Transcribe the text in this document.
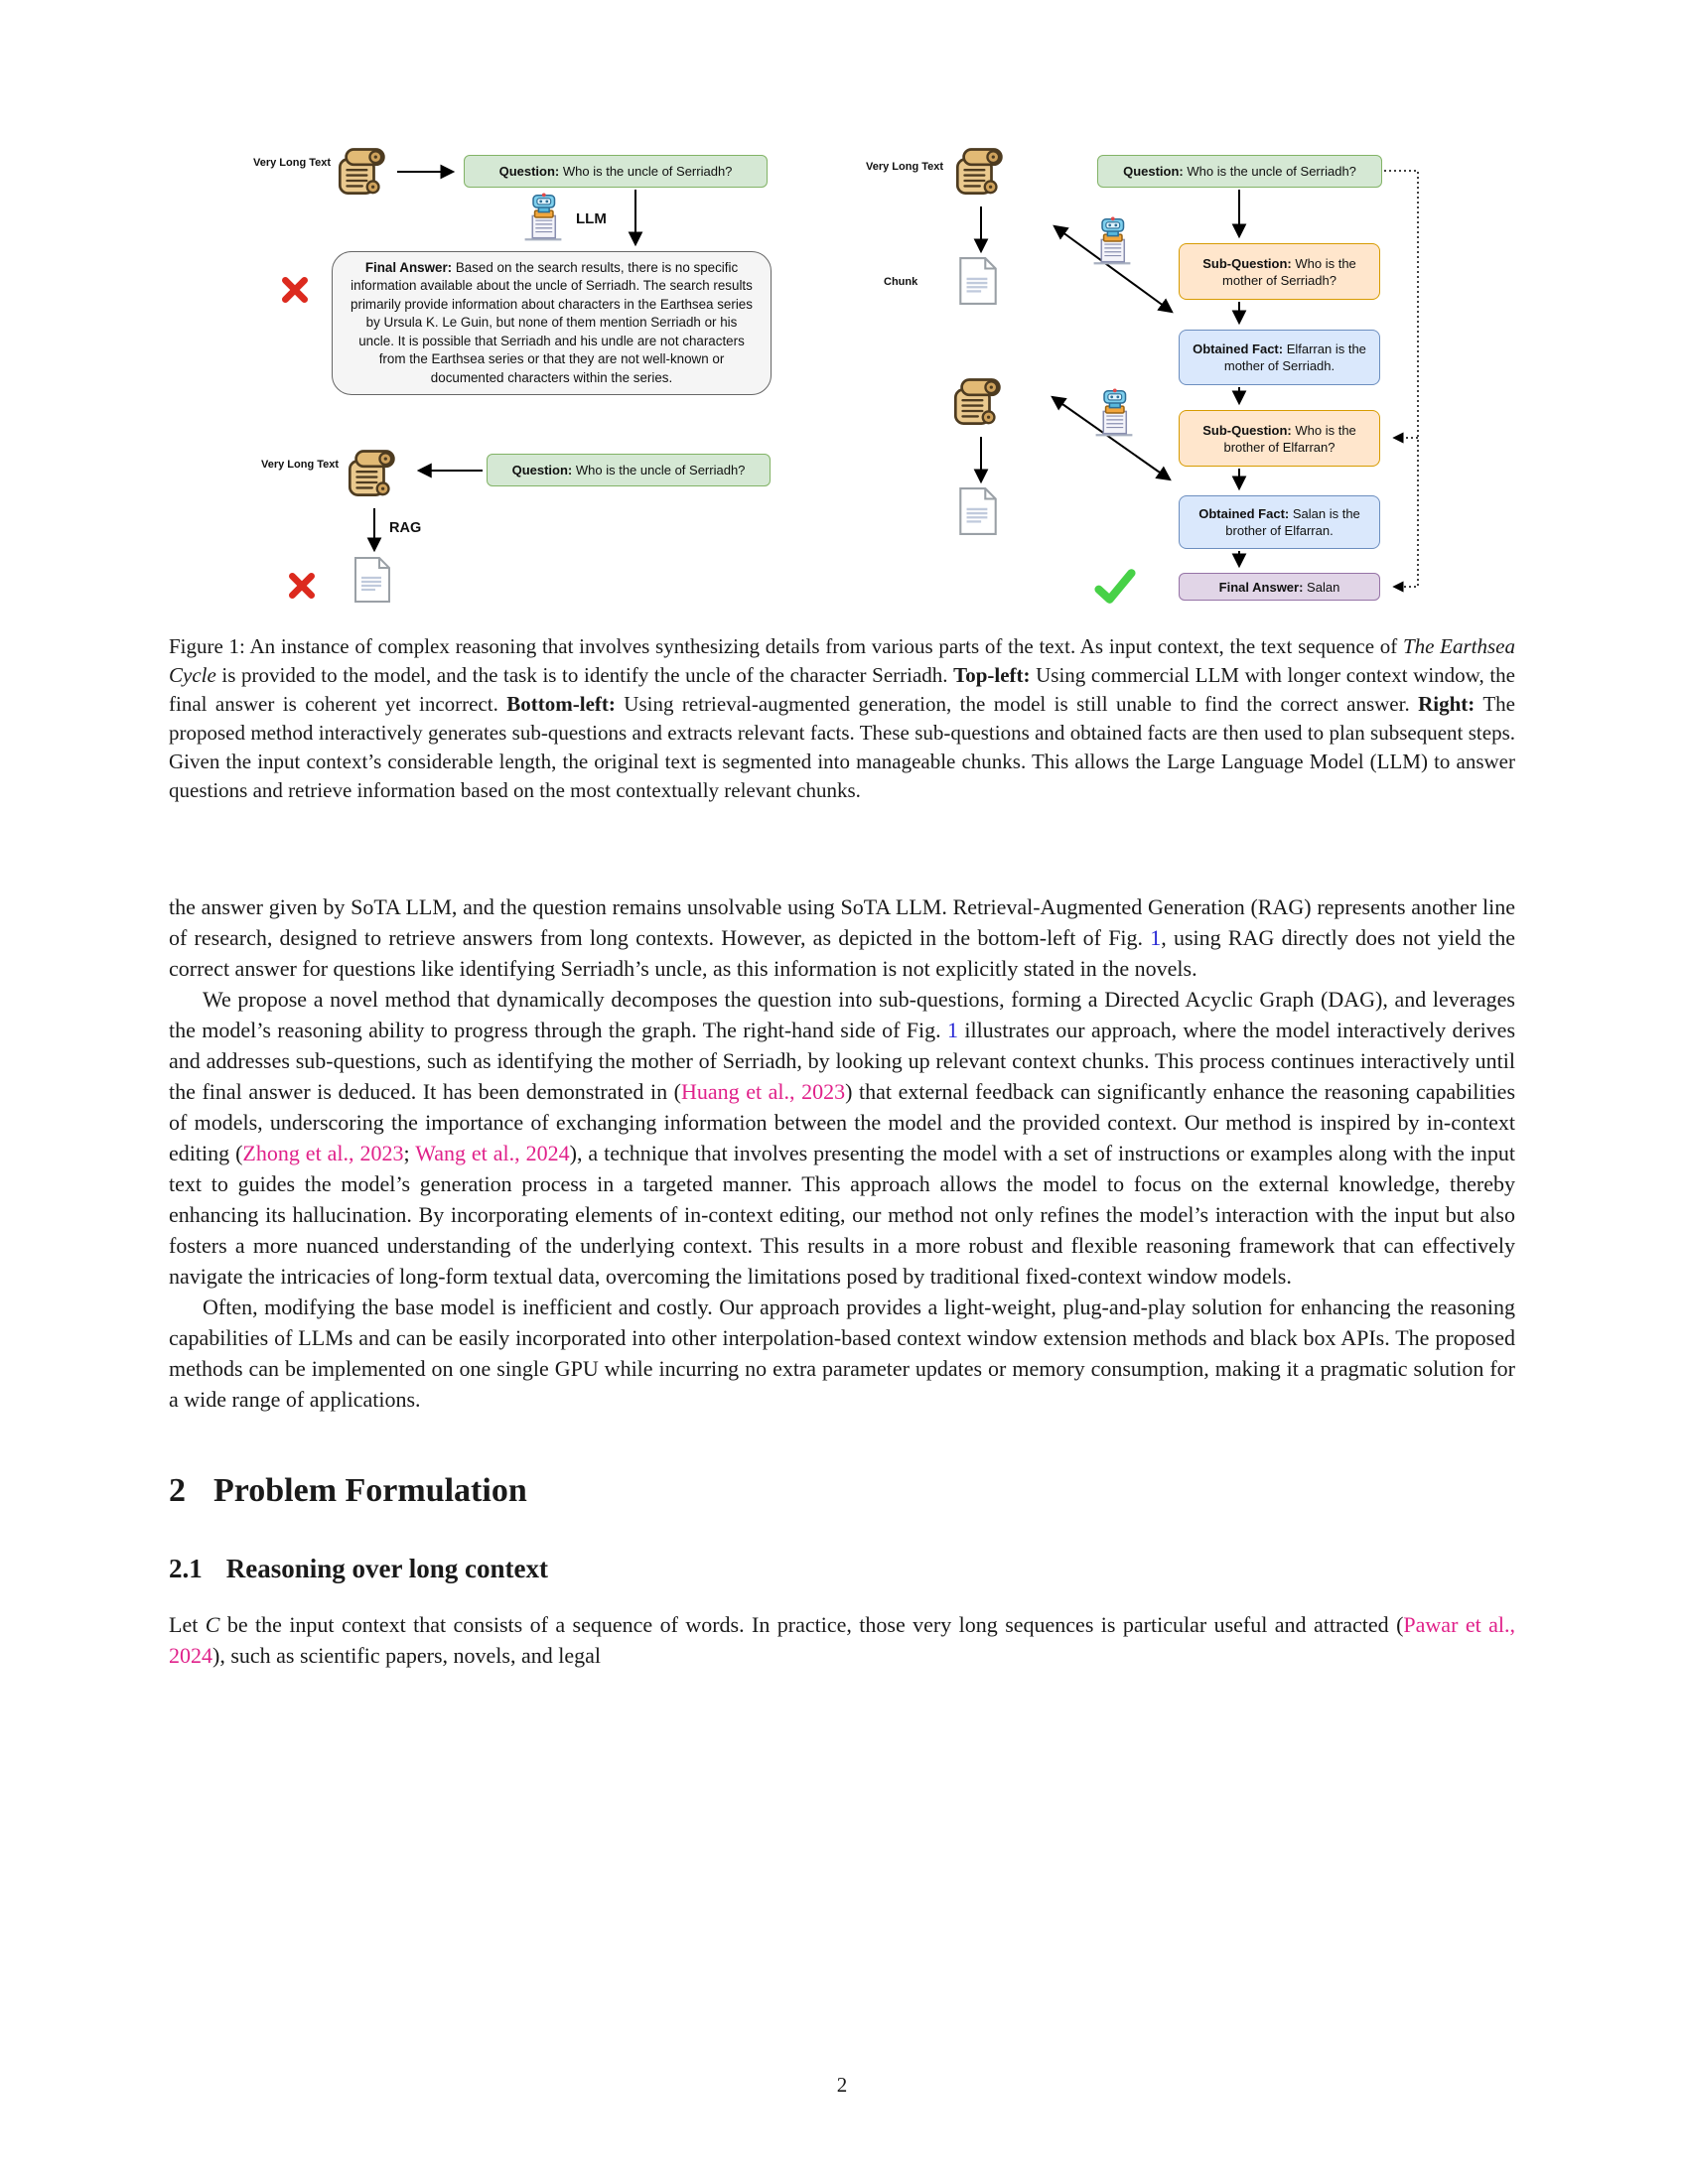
Very Long Text
Question: Who is the uncle of Serriadh?
LLM
Final Answer: Based on the search results, there is no specific information available about the uncle of Serriadh. The search results primarily provide information about characters in the Earthsea series by Ursula K. Le Guin, but none of them mention Serriadh or his uncle. It is possible that Serriadh and his undle are not characters from the Earthsea series or that they are not well-known or documented characters within the series.
Very Long Text	Question: Who is the uncle of Serriadh?
RAG
Very Long Text
Chunk
Question: Who is the uncle of Serriadh?
Sub-Question: Who is the mother of Serriadh?
Obtained Fact: Elfarran is the mother of Serriadh.
Sub-Question: Who is the brother of Elfarran?
Obtained Fact: Salan is the brother of Elfarran.
Final Answer: Salan
Figure 1: An instance of complex reasoning that involves synthesizing details from various parts of the text. As input context, the text sequence of The Earthsea Cycle is provided to the model, and the task is to identify the uncle of the character Serriadh. Top-left: Using commercial LLM with longer context window, the final answer is coherent yet incorrect. Bottom-left: Using retrieval-augmented generation, the model is still unable to find the correct answer. Right: The proposed method interactively generates sub-questions and extracts relevant facts. These sub-questions and obtained facts are then used to plan subsequent steps. Given the input context’s considerable length, the original text is segmented into manageable chunks. This allows the Large Language Model (LLM) to answer questions and retrieve information based on the most contextually relevant chunks.

the answer given by SoTA LLM, and the question remains unsolvable using SoTA LLM. Retrieval-Augmented Generation (RAG) represents another line of research, designed to retrieve answers from long contexts. However, as depicted in the bottom-left of Fig. 1, using RAG directly does not yield the correct answer for questions like identifying Serriadh’s uncle, as this information is not explicitly stated in the novels.

We propose a novel method that dynamically decomposes the question into sub-questions, forming a Directed Acyclic Graph (DAG), and leverages the model’s reasoning ability to progress through the graph. The right-hand side of Fig. 1 illustrates our approach, where the model interactively derives and addresses sub-questions, such as identifying the mother of Serriadh, by looking up relevant context chunks. This process continues interactively until the final answer is deduced. It has been demonstrated in (Huang et al., 2023) that external feedback can significantly enhance the reasoning capabilities of models, underscoring the importance of exchanging information between the model and the provided context. Our method is inspired by in-context editing (Zhong et al., 2023; Wang et al., 2024), a technique that involves presenting the model with a set of instructions or examples along with the input text to guides the model’s generation process in a targeted manner. This approach allows the model to focus on the external knowledge, thereby enhancing its hallucination. By incorporating elements of in-context editing, our method not only refines the model’s interaction with the input but also fosters a more nuanced understanding of the underlying context. This results in a more robust and flexible reasoning framework that can effectively navigate the intricacies of long-form textual data, overcoming the limitations posed by traditional fixed-context window models.

Often, modifying the base model is inefficient and costly. Our approach provides a light-weight, plug-and-play solution for enhancing the reasoning capabilities of LLMs and can be easily incorporated into other interpolation-based context window extension methods and black box APIs. The proposed methods can be implemented on one single GPU while incurring no extra parameter updates or memory consumption, making it a pragmatic solution for a wide range of applications.

2 Problem Formulation
2.1 Reasoning over long context

Let C be the input context that consists of a sequence of words. In practice, those very long sequences is particular useful and attracted (Pawar et al., 2024), such as scientific papers, novels, and legal

2
